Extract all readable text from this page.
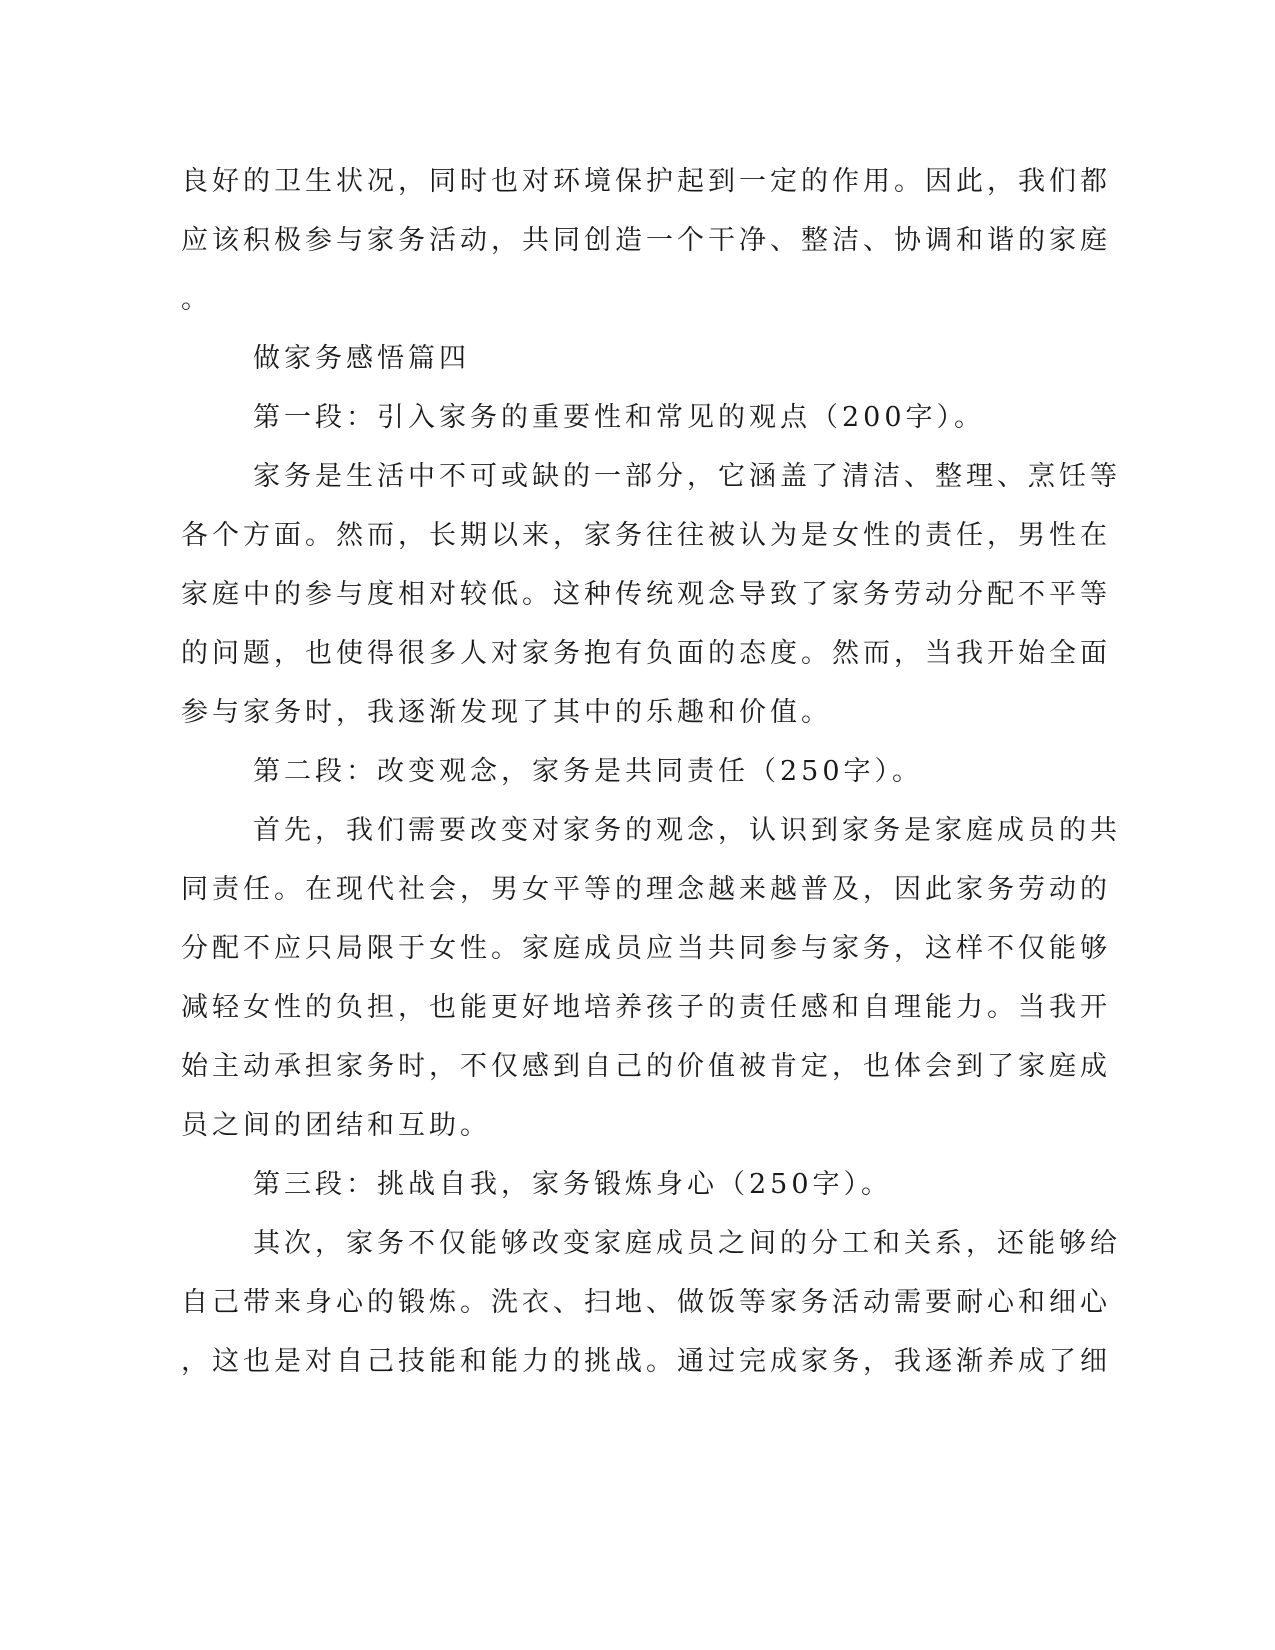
良好的卫生状况，同时也对环境保护起到一定的作用。因此，我们都
应该积极参与家务活动，共同创造一个干净、整洁、协调和谐的家庭
。
做家务感悟篇四
第一段：引入家务的重要性和常见的观点（200字）。
家务是生活中不可或缺的一部分，它涵盖了清洁、整理、烹饪等
各个方面。然而，长期以来，家务往往被认为是女性的责任，男性在
家庭中的参与度相对较低。这种传统观念导致了家务劳动分配不平等
的问题，也使得很多人对家务抱有负面的态度。然而，当我开始全面
参与家务时，我逐渐发现了其中的乐趣和价值。
第二段：改变观念，家务是共同责任（250字）。
首先，我们需要改变对家务的观念，认识到家务是家庭成员的共
同责任。在现代社会，男女平等的理念越来越普及，因此家务劳动的
分配不应只局限于女性。家庭成员应当共同参与家务，这样不仅能够
减轻女性的负担，也能更好地培养孩子的责任感和自理能力。当我开
始主动承担家务时，不仅感到自己的价值被肯定，也体会到了家庭成
员之间的团结和互助。
第三段：挑战自我，家务锻炼身心（250字）。
其次，家务不仅能够改变家庭成员之间的分工和关系，还能够给
自己带来身心的锻炼。洗衣、扫地、做饭等家务活动需要耐心和细心
，这也是对自己技能和能力的挑战。通过完成家务，我逐渐养成了细
